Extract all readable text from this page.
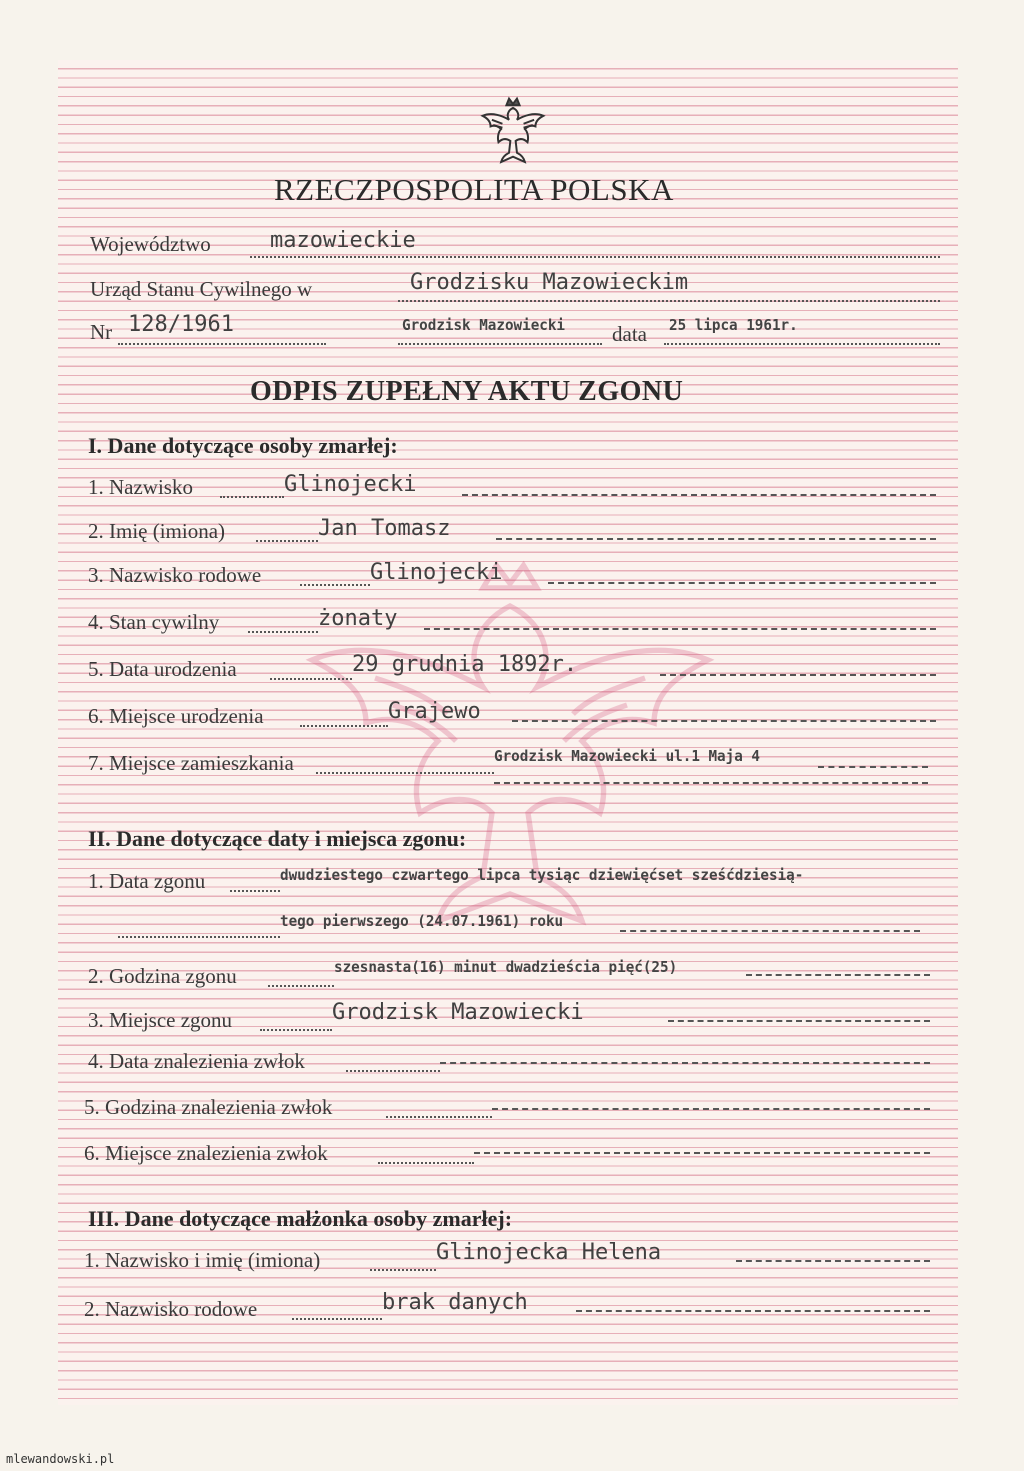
RZECZPOSPOLITA POLSKA
Województwo	mazowieckie
Urząd Stanu Cywilnego w	Grodzisku Mazowieckim
Nr 128/1961	Grodzisk Mazowiecki data 25 lipca 1961r.
ODPIS ZUPEŁNY AKTU ZGONU
I. Dane dotyczące osoby zmarłej:
1. Nazwisko	Glinojecki
2. Imię (imiona)	Jan Tomasz
3. Nazwisko rodowe	Glinojecki
4. Stan cywilny	żonaty
5. Data urodzenia	29 grudnia 1892r.
6. Miejsce urodzenia	Grajewo
7. Miejsce zamieszkania	Grodzisk Mazowiecki ul.1 Maja 4
II. Dane dotyczące daty i miejsca zgonu:
1. Data zgonu	dwudziestego czwartego lipca tysiąc dziewięćset sześćdziesią-
tego pierwszego (24.07.1961) roku
2. Godzina zgonu	szesnasta(16) minut dwadzieścia pięć(25)
3. Miejsce zgonu	Grodzisk Mazowiecki
4. Data znalezienia zwłok
5. Godzina znalezienia zwłok
6. Miejsce znalezienia zwłok
III. Dane dotyczące małżonka osoby zmarłej:
1. Nazwisko i imię (imiona)	Glinojecka Helena
2. Nazwisko rodowe	brak danych
mlewandowski.pl
